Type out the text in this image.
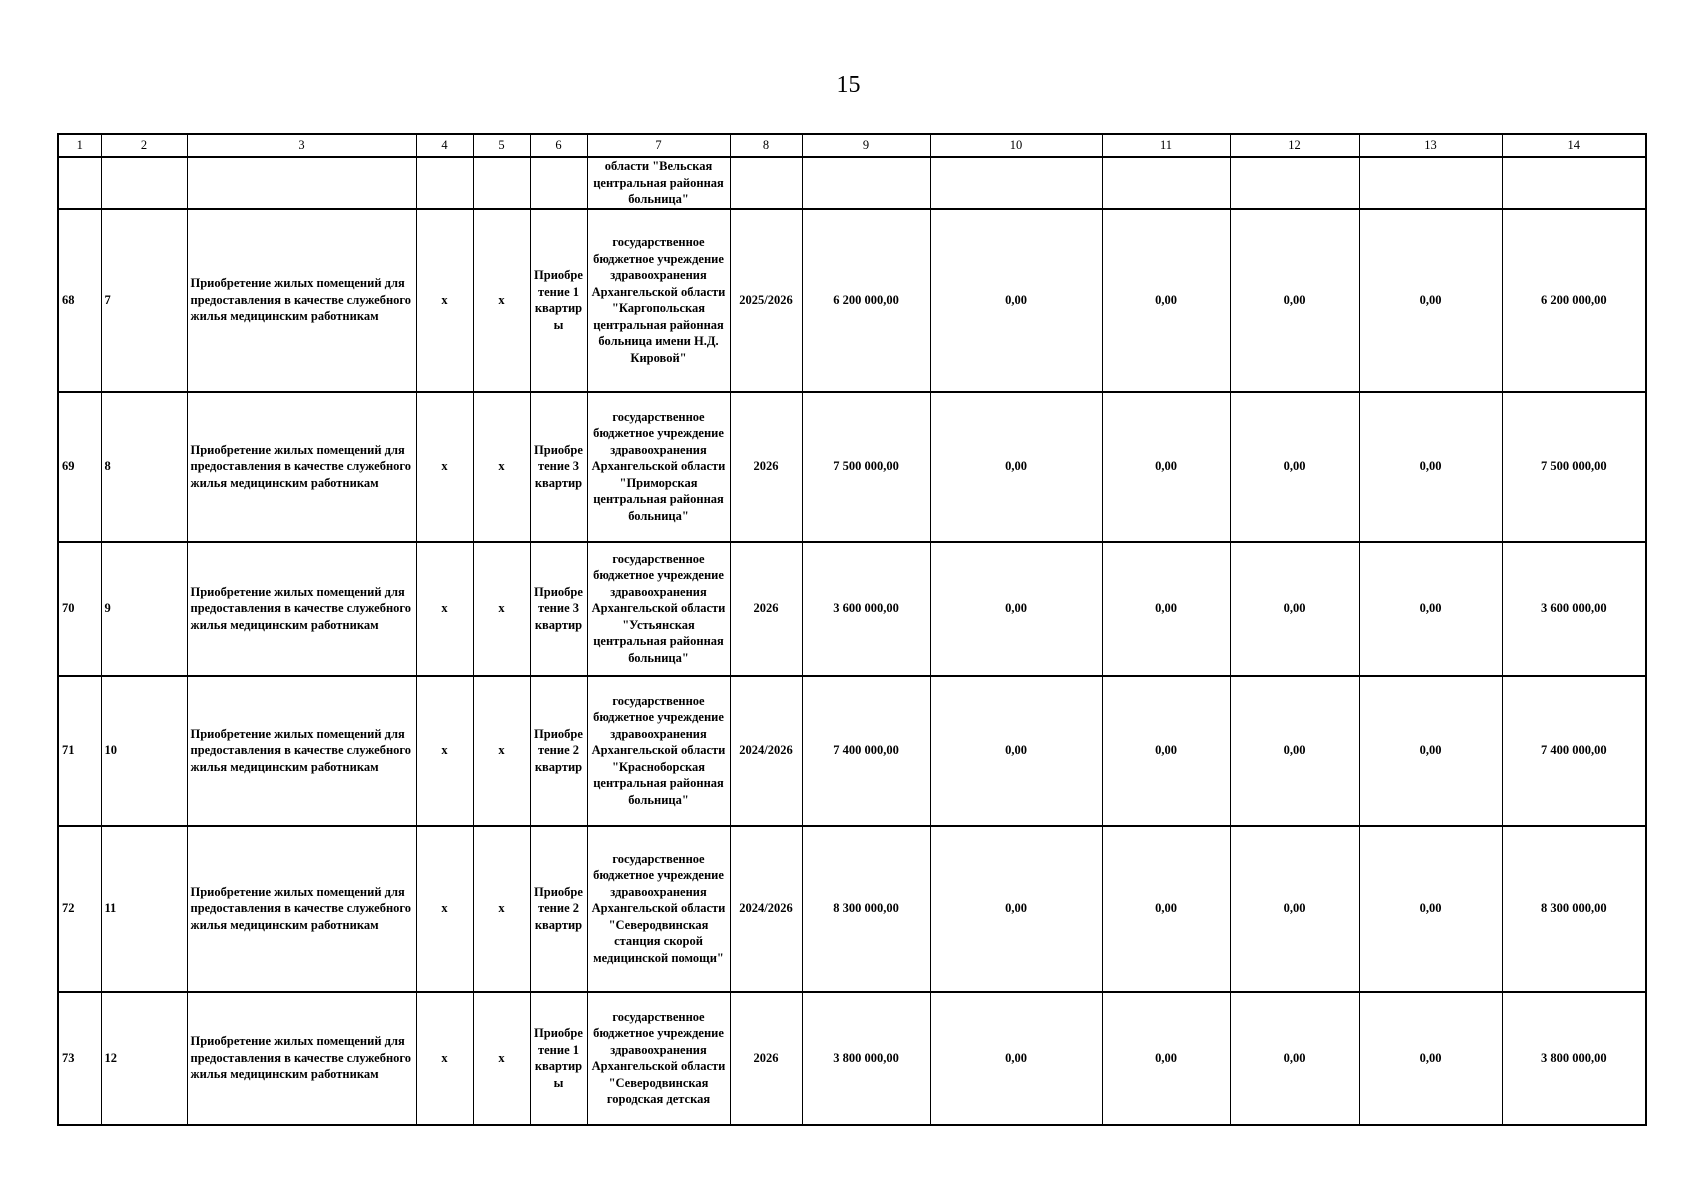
15
1	2	3	4	5	6	7	8	9	10	11	12	13	14
						области "Вельская центральная районная больница"							
68	7	Приобретение жилых помещений для предоставления в качестве служебного жилья медицинским работникам	x	x	Приобретение 1 квартиры	государственное бюджетное учреждение здравоохранения Архангельской области "Каргопольская центральная районная больница имени Н.Д. Кировой"	2025/2026	6 200 000,00	0,00	0,00	0,00	0,00	6 200 000,00
69	8	Приобретение жилых помещений для предоставления в качестве служебного жилья медицинским работникам	x	x	Приобретение 3 квартир	государственное бюджетное учреждение здравоохранения Архангельской области "Приморская центральная районная больница"	2026	7 500 000,00	0,00	0,00	0,00	0,00	7 500 000,00
70	9	Приобретение жилых помещений для предоставления в качестве служебного жилья медицинским работникам	x	x	Приобретение 3 квартир	государственное бюджетное учреждение здравоохранения Архангельской области "Устьянская центральная районная больница"	2026	3 600 000,00	0,00	0,00	0,00	0,00	3 600 000,00
71	10	Приобретение жилых помещений для предоставления в качестве служебного жилья медицинским работникам	x	x	Приобретение 2 квартир	государственное бюджетное учреждение здравоохранения Архангельской области "Красноборская центральная районная больница"	2024/2026	7 400 000,00	0,00	0,00	0,00	0,00	7 400 000,00
72	11	Приобретение жилых помещений для предоставления в качестве служебного жилья медицинским работникам	x	x	Приобретение 2 квартир	государственное бюджетное учреждение здравоохранения Архангельской области "Северодвинская станция скорой медицинской помощи"	2024/2026	8 300 000,00	0,00	0,00	0,00	0,00	8 300 000,00
73	12	Приобретение жилых помещений для предоставления в качестве служебного жилья медицинским работникам	x	x	Приобретение 1 квартиры	государственное бюджетное учреждение здравоохранения Архангельской области "Северодвинская городская детская	2026	3 800 000,00	0,00	0,00	0,00	0,00	3 800 000,00
